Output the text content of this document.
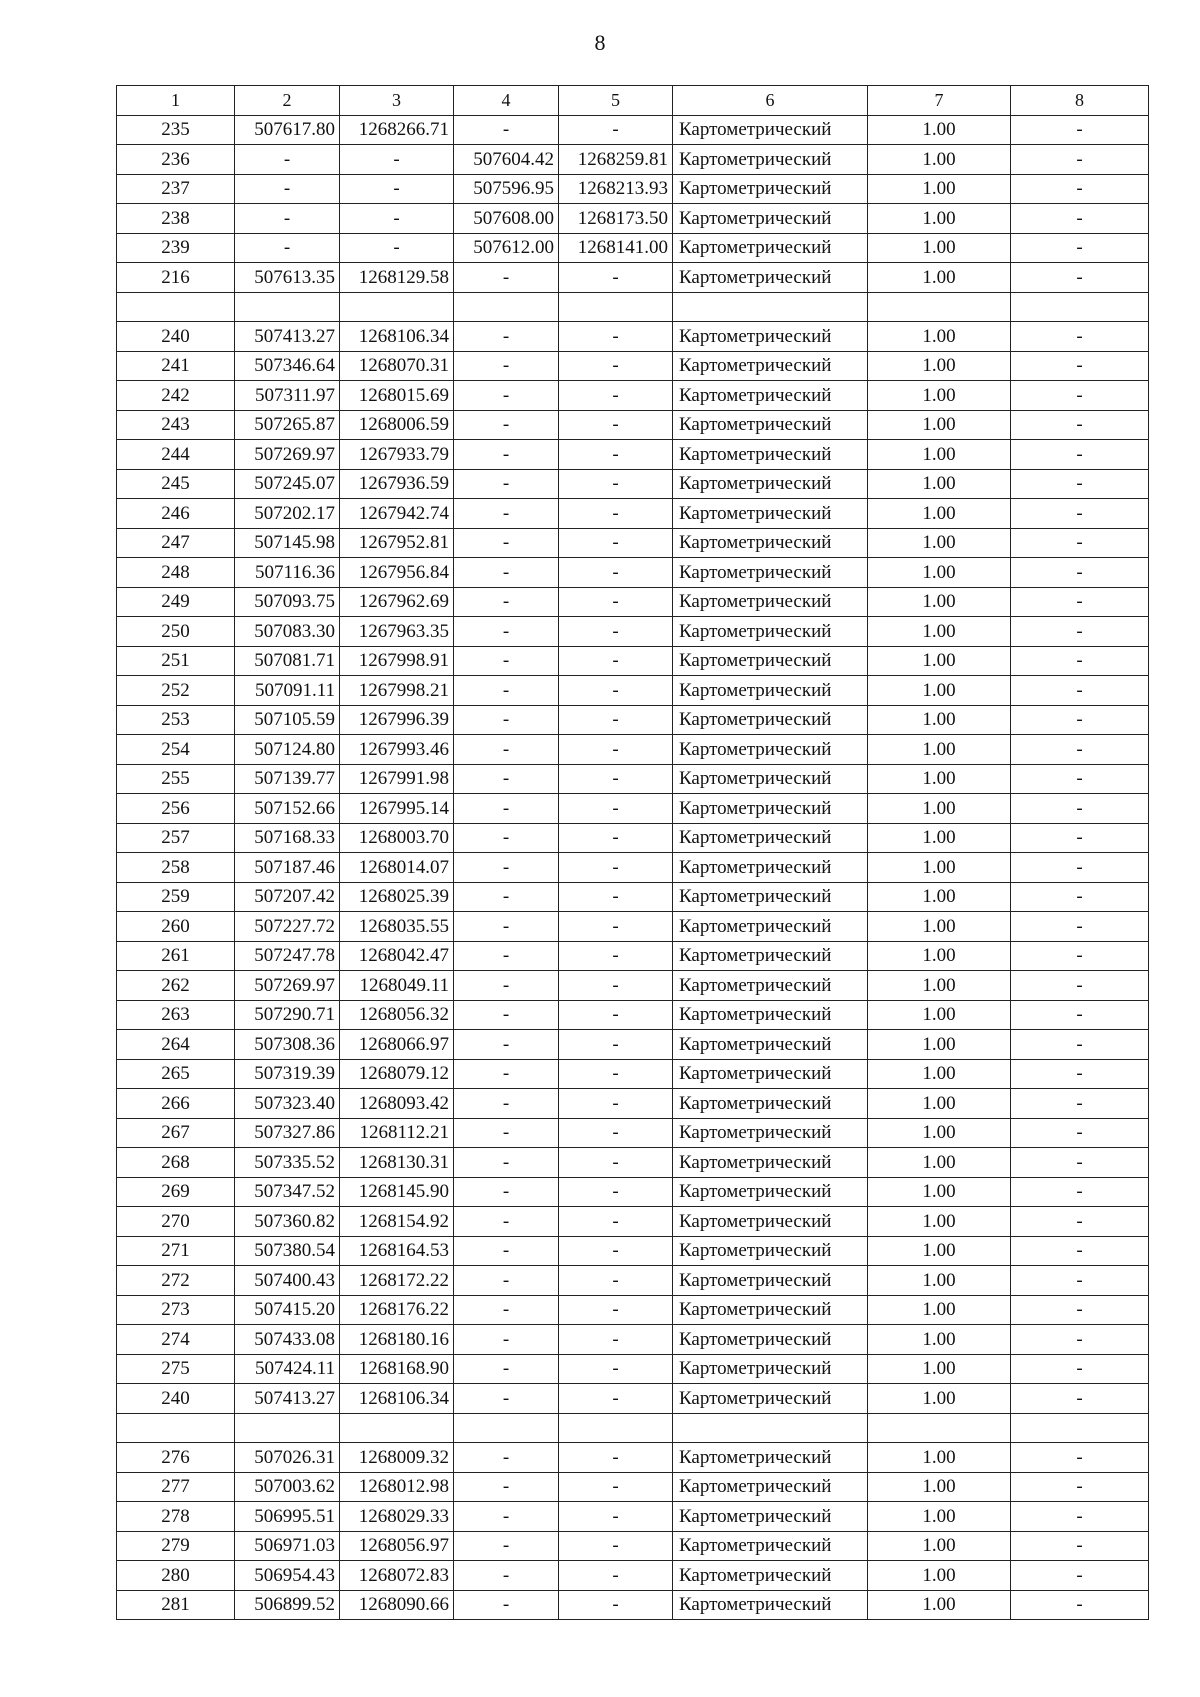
8
1	2	3	4	5	6	7	8
235	507617.80	1268266.71	-	-	Картометрический	1.00	-
236	-	-	507604.42	1268259.81	Картометрический	1.00	-
237	-	-	507596.95	1268213.93	Картометрический	1.00	-
238	-	-	507608.00	1268173.50	Картометрический	1.00	-
239	-	-	507612.00	1268141.00	Картометрический	1.00	-
216	507613.35	1268129.58	-	-	Картометрический	1.00	-

240	507413.27	1268106.34	-	-	Картометрический	1.00	-
241	507346.64	1268070.31	-	-	Картометрический	1.00	-
242	507311.97	1268015.69	-	-	Картометрический	1.00	-
243	507265.87	1268006.59	-	-	Картометрический	1.00	-
244	507269.97	1267933.79	-	-	Картометрический	1.00	-
245	507245.07	1267936.59	-	-	Картометрический	1.00	-
246	507202.17	1267942.74	-	-	Картометрический	1.00	-
247	507145.98	1267952.81	-	-	Картометрический	1.00	-
248	507116.36	1267956.84	-	-	Картометрический	1.00	-
249	507093.75	1267962.69	-	-	Картометрический	1.00	-
250	507083.30	1267963.35	-	-	Картометрический	1.00	-
251	507081.71	1267998.91	-	-	Картометрический	1.00	-
252	507091.11	1267998.21	-	-	Картометрический	1.00	-
253	507105.59	1267996.39	-	-	Картометрический	1.00	-
254	507124.80	1267993.46	-	-	Картометрический	1.00	-
255	507139.77	1267991.98	-	-	Картометрический	1.00	-
256	507152.66	1267995.14	-	-	Картометрический	1.00	-
257	507168.33	1268003.70	-	-	Картометрический	1.00	-
258	507187.46	1268014.07	-	-	Картометрический	1.00	-
259	507207.42	1268025.39	-	-	Картометрический	1.00	-
260	507227.72	1268035.55	-	-	Картометрический	1.00	-
261	507247.78	1268042.47	-	-	Картометрический	1.00	-
262	507269.97	1268049.11	-	-	Картометрический	1.00	-
263	507290.71	1268056.32	-	-	Картометрический	1.00	-
264	507308.36	1268066.97	-	-	Картометрический	1.00	-
265	507319.39	1268079.12	-	-	Картометрический	1.00	-
266	507323.40	1268093.42	-	-	Картометрический	1.00	-
267	507327.86	1268112.21	-	-	Картометрический	1.00	-
268	507335.52	1268130.31	-	-	Картометрический	1.00	-
269	507347.52	1268145.90	-	-	Картометрический	1.00	-
270	507360.82	1268154.92	-	-	Картометрический	1.00	-
271	507380.54	1268164.53	-	-	Картометрический	1.00	-
272	507400.43	1268172.22	-	-	Картометрический	1.00	-
273	507415.20	1268176.22	-	-	Картометрический	1.00	-
274	507433.08	1268180.16	-	-	Картометрический	1.00	-
275	507424.11	1268168.90	-	-	Картометрический	1.00	-
240	507413.27	1268106.34	-	-	Картометрический	1.00	-

276	507026.31	1268009.32	-	-	Картометрический	1.00	-
277	507003.62	1268012.98	-	-	Картометрический	1.00	-
278	506995.51	1268029.33	-	-	Картометрический	1.00	-
279	506971.03	1268056.97	-	-	Картометрический	1.00	-
280	506954.43	1268072.83	-	-	Картометрический	1.00	-
281	506899.52	1268090.66	-	-	Картометрический	1.00	-
